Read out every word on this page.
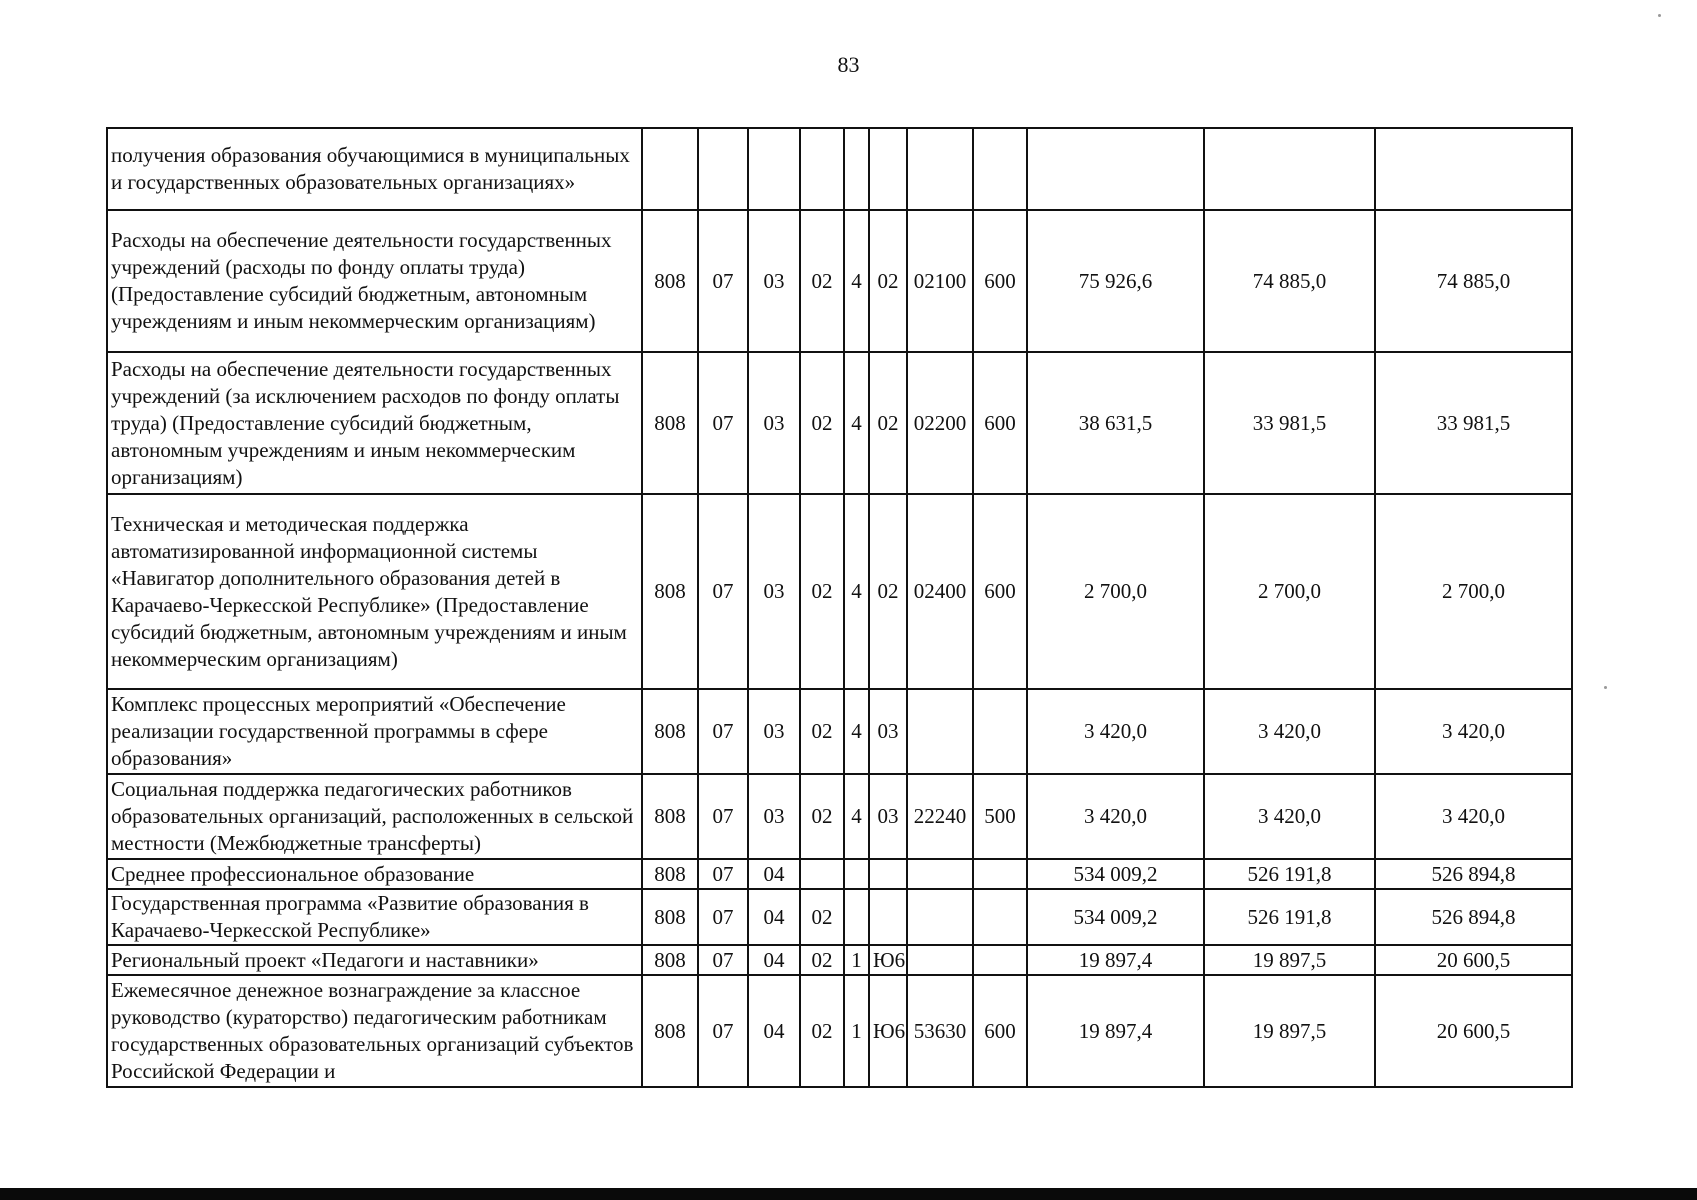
83
получения образования обучающимися в муниципальных и государственных образовательных организациях»											
Расходы на обеспечение деятельности государственных учреждений (расходы по фонду оплаты труда) (Предоставление субсидий бюджетным, автономным учреждениям и иным некоммерческим организациям)	808	07	03	02	4	02	02100	600	75 926,6	74 885,0	74 885,0
Расходы на обеспечение деятельности государственных учреждений (за исключением расходов по фонду оплаты труда) (Предоставление субсидий бюджетным, автономным учреждениям и иным некоммерческим организациям)	808	07	03	02	4	02	02200	600	38 631,5	33 981,5	33 981,5
Техническая и методическая поддержка автоматизированной информационной системы «Навигатор дополнительного образования детей в Карачаево-Черкесской Республике» (Предоставление субсидий бюджетным, автономным учреждениям и иным некоммерческим организациям)	808	07	03	02	4	02	02400	600	2 700,0	2 700,0	2 700,0
Комплекс процессных мероприятий «Обеспечение реализации государственной программы в сфере образования»	808	07	03	02	4	03			3 420,0	3 420,0	3 420,0
Социальная поддержка педагогических работников образовательных организаций, расположенных в сельской местности (Межбюджетные трансферты)	808	07	03	02	4	03	22240	500	3 420,0	3 420,0	3 420,0
Среднее профессиональное образование	808	07	04						534 009,2	526 191,8	526 894,8
Государственная программа «Развитие образования в Карачаево-Черкесской Республике»	808	07	04	02					534 009,2	526 191,8	526 894,8
Региональный проект «Педагоги и наставники»	808	07	04	02	1	Ю6			19 897,4	19 897,5	20 600,5
Ежемесячное денежное вознаграждение за классное руководство (кураторство) педагогическим работникам государственных образовательных организаций субъектов Российской Федерации и	808	07	04	02	1	Ю6	53630	600	19 897,4	19 897,5	20 600,5
